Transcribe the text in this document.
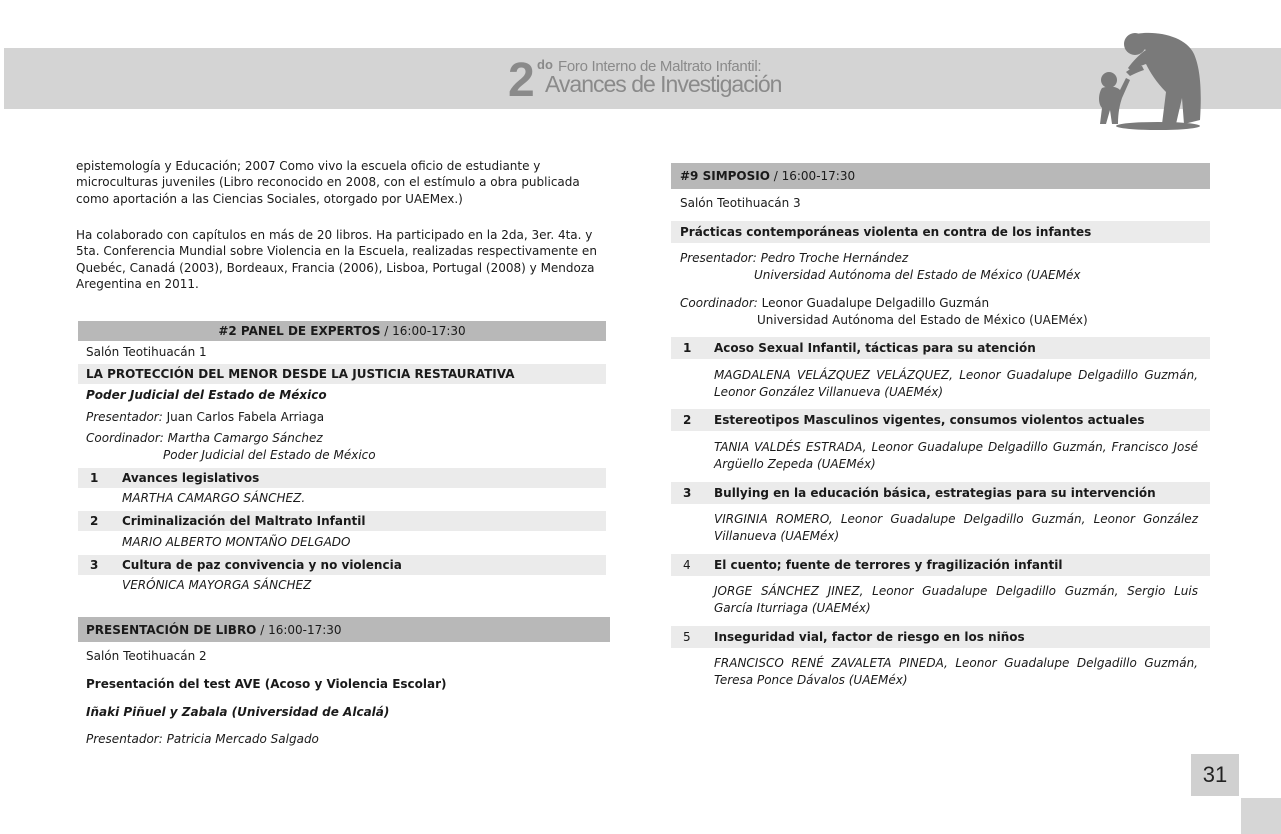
2 do Foro Interno de Maltrato Infantil:
Avances de Investigación

epistemología y Educación; 2007 Como vivo la escuela oficio de estudiante y microculturas juveniles (Libro reconocido en 2008, con el estímulo a obra publicada como aportación a las Ciencias Sociales, otorgado por UAEMex.)

Ha colaborado con capítulos en más de 20 libros. Ha participado en la 2da, 3er. 4ta. y 5ta. Conferencia Mundial sobre Violencia en la Escuela, realizadas respectivamente en Quebéc, Canadá (2003), Bordeaux, Francia (2006), Lisboa, Portugal (2008) y Mendoza Aregentina en 2011.

#2 PANEL DE EXPERTOS / 16:00-17:30
Salón Teotihuacán 1
LA PROTECCIÓN DEL MENOR DESDE LA JUSTICIA RESTAURATIVA
Poder Judicial del Estado de México
Presentador: Juan Carlos Fabela Arriaga
Coordinador: Martha Camargo Sánchez
Poder Judicial del Estado de México
1 Avances legislativos
MARTHA CAMARGO SÁNCHEZ.
2 Criminalización del Maltrato Infantil
MARIO ALBERTO MONTAÑO DELGADO
3 Cultura de paz convivencia y no violencia
VERÓNICA MAYORGA SÁNCHEZ
PRESENTACIÓN DE LIBRO / 16:00-17:30
Salón Teotihuacán 2
Presentación del test AVE (Acoso y Violencia Escolar)
Iñaki Piñuel y Zabala (Universidad de Alcalá)
Presentador: Patricia Mercado Salgado
#9 SIMPOSIO / 16:00-17:30
Salón Teotihuacán 3
Prácticas contemporáneas violenta en contra de los infantes
Presentador: Pedro Troche Hernández
Universidad Autónoma del Estado de México (UAEMéx
Coordinador: Leonor Guadalupe Delgadillo Guzmán
Universidad Autónoma del Estado de México (UAEMéx)
1 Acoso Sexual Infantil, tácticas para su atención
MAGDALENA VELÁZQUEZ VELÁZQUEZ, Leonor Guadalupe Delgadillo Guzmán, Leonor González Villanueva (UAEMéx)
2 Estereotipos Masculinos vigentes, consumos violentos actuales
TANIA VALDÉS ESTRADA, Leonor Guadalupe Delgadillo Guzmán, Francisco José Argüello Zepeda (UAEMéx)
3 Bullying en la educación básica, estrategias para su intervención
VIRGINIA ROMERO, Leonor Guadalupe Delgadillo Guzmán, Leonor González Villanueva (UAEMéx)
4 El cuento; fuente de terrores y fragilización infantil
JORGE SÁNCHEZ JINEZ, Leonor Guadalupe Delgadillo Guzmán, Sergio Luis García Iturriaga (UAEMéx)
5 Inseguridad vial, factor de riesgo en los niños
FRANCISCO RENÉ ZAVALETA PINEDA, Leonor Guadalupe Delgadillo Guzmán, Teresa Ponce Dávalos (UAEMéx)
31
